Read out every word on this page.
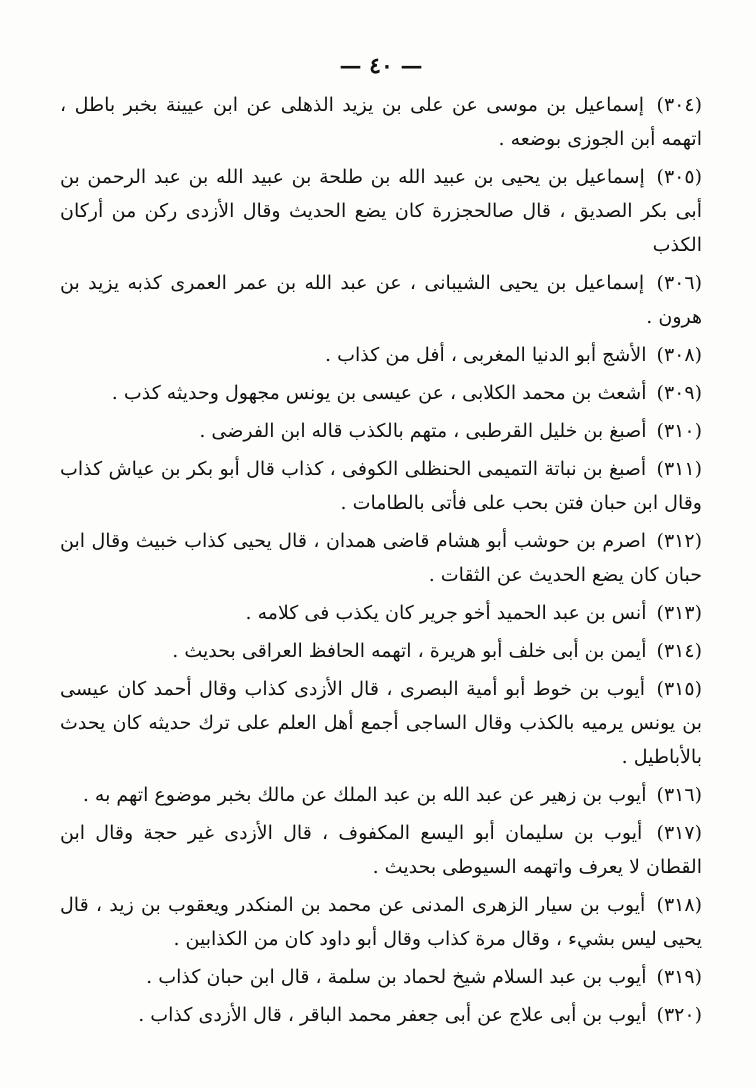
— ٤٠ —
(٣٠٤) إسماعيل بن موسى عن على بن يزيد الذهلى عن ابن عيينة بخبر باطل ، اتهمه أبن الجوزى بوضعه .
(٣٠٥) إسماعيل بن يحيى بن عبيد الله بن طلحة بن عبيد الله بن عبد الرحمن بن أبى بكر الصديق ، قال صالحجزرة كان يضع الحديث وقال الأزدى ركن من أركان الكذب
(٣٠٦) إسماعيل بن يحيى الشيبانى ، عن عبد الله بن عمر العمرى كذبه يزيد بن هرون .
(٣٠٨) الأشج أبو الدنيا المغربى ، أفل من كذاب .
(٣٠٩) أشعث بن محمد الكلابى ، عن عيسى بن يونس مجهول وحديثه كذب .
(٣١٠) أصبغ بن خليل القرطبى ، متهم بالكذب قاله ابن الفرضى .
(٣١١) أصبغ بن نباتة التميمى الحنظلى الكوفى ، كذاب قال أبو بكر بن عياش كذاب وقال ابن حبان فتن بحب على فأتى بالطامات .
(٣١٢) اصرم بن حوشب أبو هشام قاضى همدان ، قال يحيى كذاب خبيث وقال ابن حبان كان يضع الحديث عن الثقات .
(٣١٣) أنس بن عبد الحميد أخو جرير كان يكذب فى كلامه .
(٣١٤) أيمن بن أبى خلف أبو هريرة ، اتهمه الحافظ العراقى بحديث .
(٣١٥) أيوب بن خوط أبو أمية البصرى ، قال الأزدى كذاب وقال أحمد كان عيسى بن يونس يرميه بالكذب وقال الساجى أجمع أهل العلم على ترك حديثه كان يحدث بالأباطيل .
(٣١٦) أيوب بن زهير عن عبد الله بن عبد الملك عن مالك بخبر موضوع اتهم به .
(٣١٧) أيوب بن سليمان أبو اليسع المكفوف ، قال الأزدى غير حجة وقال ابن القطان لا يعرف واتهمه السيوطى بحديث .
(٣١٨) أيوب بن سيار الزهرى المدنى عن محمد بن المنكدر ويعقوب بن زيد ، قال يحيى ليس بشيء ، وقال مرة كذاب وقال أبو داود كان من الكذابين .
(٣١٩) أيوب بن عبد السلام شيخ لحماد بن سلمة ، قال ابن حبان كذاب .
(٣٢٠) أيوب بن أبى علاج عن أبى جعفر محمد الباقر ، قال الأزدى كذاب .
